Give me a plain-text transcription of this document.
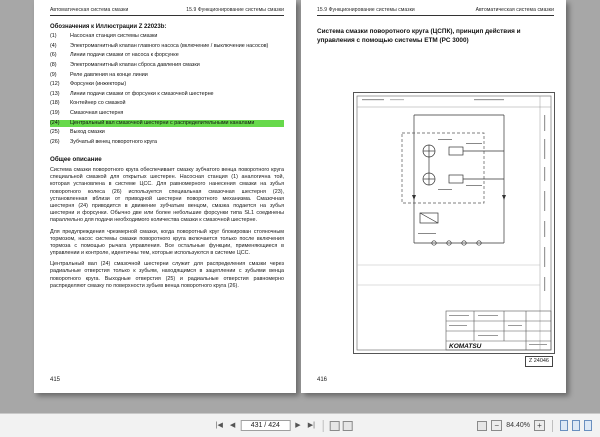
Автоматическая система смазки	15.9 Функционирование системы смазки
Обозначения к Иллюстрации Z 22023b:
(1)	Насосная станция системы смазки
(4)	Электромагнитный клапан главного насоса (включение / выключение насосов)
(6)	Линии подачи смазки от насоса к форсунке
(8)	Электромагнитный клапан сброса давления смазки
(9)	Реле давления на конце линии
(12)	Форсунки (инжекторы)
(13)	Линии подачи смазки от форсунки к смазочной шестерне
(18)	Контейнер со смазкой
(19)	Смазочная шестерня
(24)	Центральный вал смазочной шестерни с распределительными каналами
(25)	Выход смазки
(26)	Зубчатый венец поворотного круга
Общее описание

Система смазки поворотного круга обеспечивает смазку зубчатого венца поворотного круга специальной смазкой для открытых шестерен. Насосная станция (1) аналогична той, которая установлена в системе ЦСС. Для равномерного нанесения смазки на зубья поворотного колеса (26) используется специальная смазочная шестерня (23), установленная вблизи от приводной шестерни поворотного механизма. Смазочная шестерня (24) приводится в движение зубчатым венцом, смазка подается на зубья шестерни и форсунки. Обычно две или более небольшие форсунки типа SL1 соединены параллельно для подачи необходимого количества смазки к смазочной шестерне.

Для предупреждения чрезмерной смазки, когда поворотный круг блокирован стояночным тормозом, насос системы смазки поворотного круга включается только после включения тормоза с помощью рычага управления. Все остальные функции, применяющиеся в управлении и контроле, идентичны тем, которые используются в системе ЦСС.

Центральный вал (24) смазочной шестерни служит для распределения смазки через радиальные отверстия только к зубьям, находящимся в зацеплении с зубьями венца поворотного круга. Выходные отверстия (25) и радиальные отверстия равномерно распределяют смазку по поверхности зубьев венца поворотного круга (26).

415
15.9 Функционирование системы смазки	Автоматическая система смазки
Система смазки поворотного круга (ЦСПК), принцип действия и управления с помощью системы ETM (PC 3000)
KOMATSU
Z 24046
416
|◀ ◀	431 / 424	▶ ▶|	−	84.40% +
